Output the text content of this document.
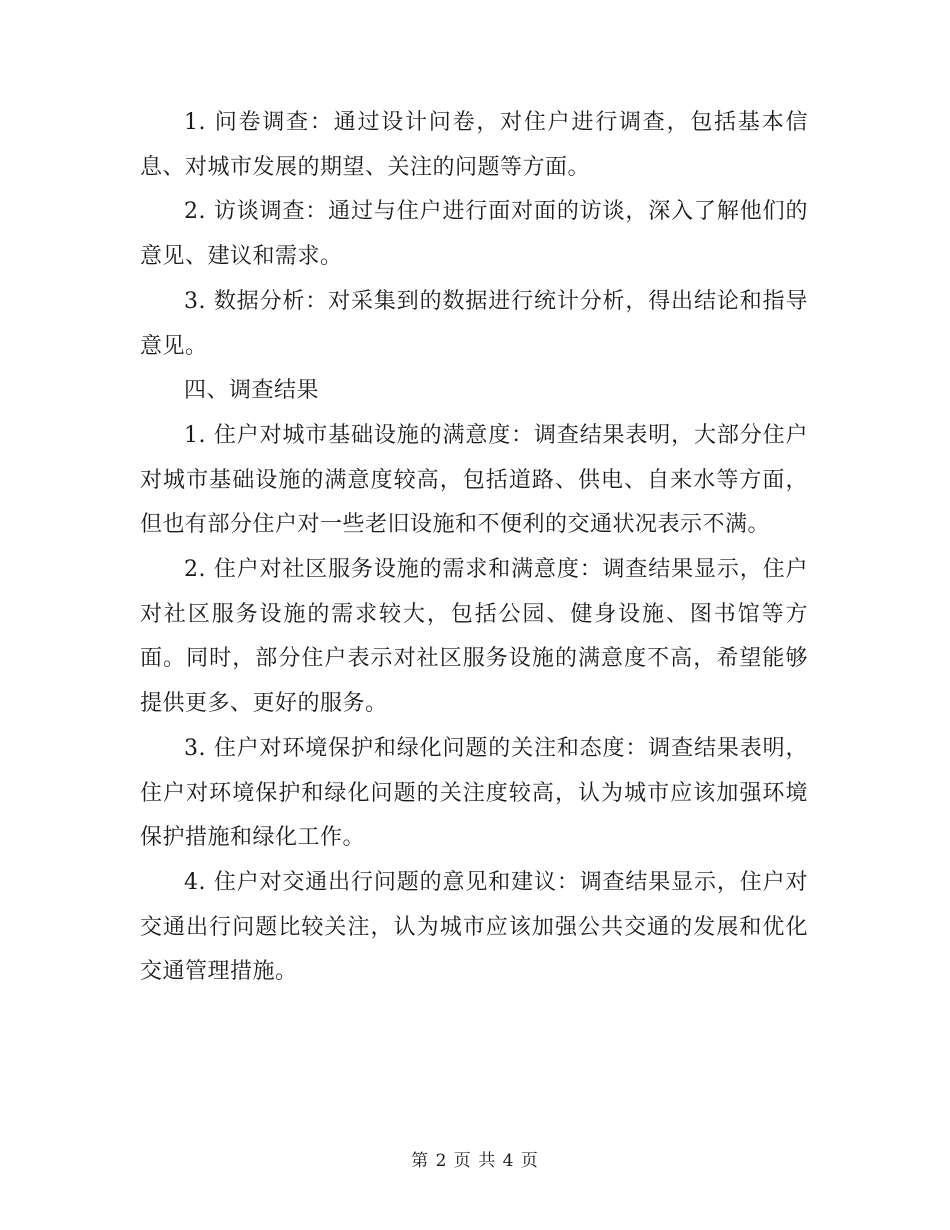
1. 问卷调查：通过设计问卷，对住户进行调查，包括基本信息、对城市发展的期望、关注的问题等方面。

2. 访谈调查：通过与住户进行面对面的访谈，深入了解他们的意见、建议和需求。

3. 数据分析：对采集到的数据进行统计分析，得出结论和指导意见。

四、调查结果

1. 住户对城市基础设施的满意度：调查结果表明，大部分住户对城市基础设施的满意度较高，包括道路、供电、自来水等方面，但也有部分住户对一些老旧设施和不便利的交通状况表示不满。

2. 住户对社区服务设施的需求和满意度：调查结果显示，住户对社区服务设施的需求较大，包括公园、健身设施、图书馆等方面。同时，部分住户表示对社区服务设施的满意度不高，希望能够提供更多、更好的服务。

3. 住户对环境保护和绿化问题的关注和态度：调查结果表明，住户对环境保护和绿化问题的关注度较高，认为城市应该加强环境保护措施和绿化工作。

4. 住户对交通出行问题的意见和建议：调查结果显示，住户对交通出行问题比较关注，认为城市应该加强公共交通的发展和优化交通管理措施。

第 2 页 共 4 页
